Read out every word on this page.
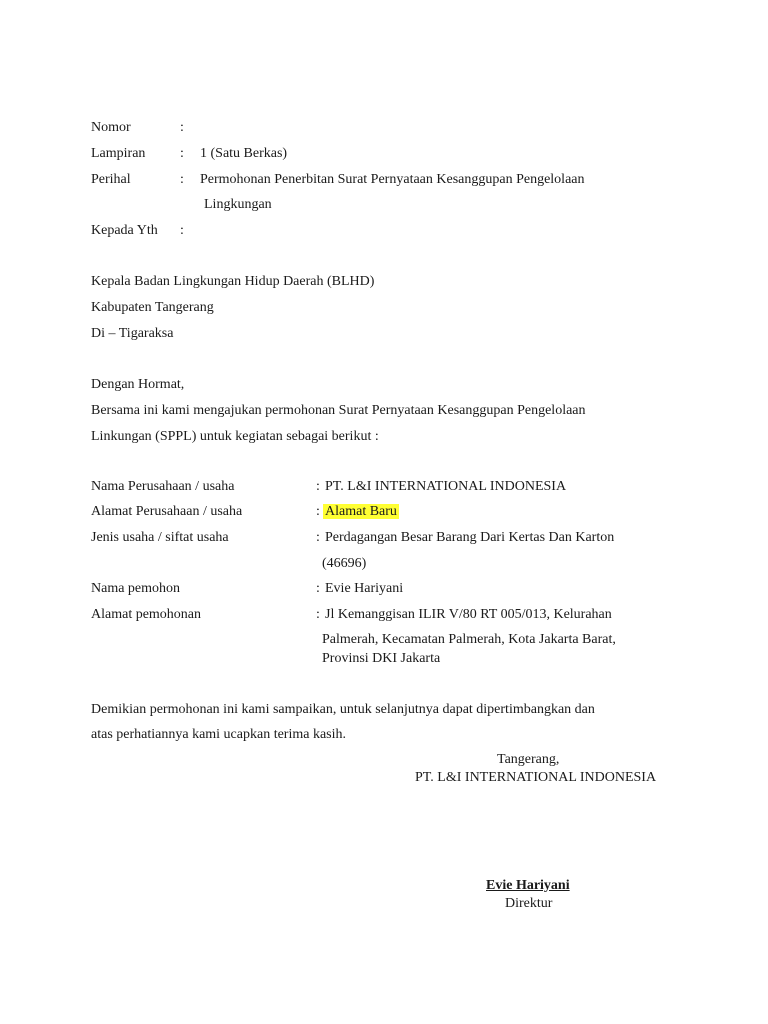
Nomor	:
Lampiran : 1 (Satu Berkas)
Perihal	: Permohonan Penerbitan Surat Pernyataan Kesanggupan Pengelolaan
Lingkungan
Kepada Yth :
Kepala Badan Lingkungan Hidup Daerah (BLHD)
Kabupaten Tangerang
Di – Tigaraksa
Dengan Hormat,
Bersama ini kami mengajukan permohonan Surat Pernyataan Kesanggupan Pengelolaan
Linkungan (SPPL) untuk kegiatan sebagai berikut :
Nama Perusahaan / usaha	: PT. L&I INTERNATIONAL INDONESIA
Alamat Perusahaan / usaha	: Alamat Baru
Jenis usaha / siftat usaha	: Perdagangan Besar Barang Dari Kertas Dan Karton
(46696)
Nama pemohon	: Evie Hariyani
Alamat pemohonan	: Jl Kemanggisan ILIR V/80 RT 005/013, Kelurahan
Palmerah, Kecamatan Palmerah, Kota Jakarta Barat,
Provinsi DKI Jakarta
Demikian permohonan ini kami sampaikan, untuk selanjutnya dapat dipertimbangkan dan
atas perhatiannya kami ucapkan terima kasih.
Tangerang,
PT. L&I INTERNATIONAL INDONESIA
Evie Hariyani
Direktur
